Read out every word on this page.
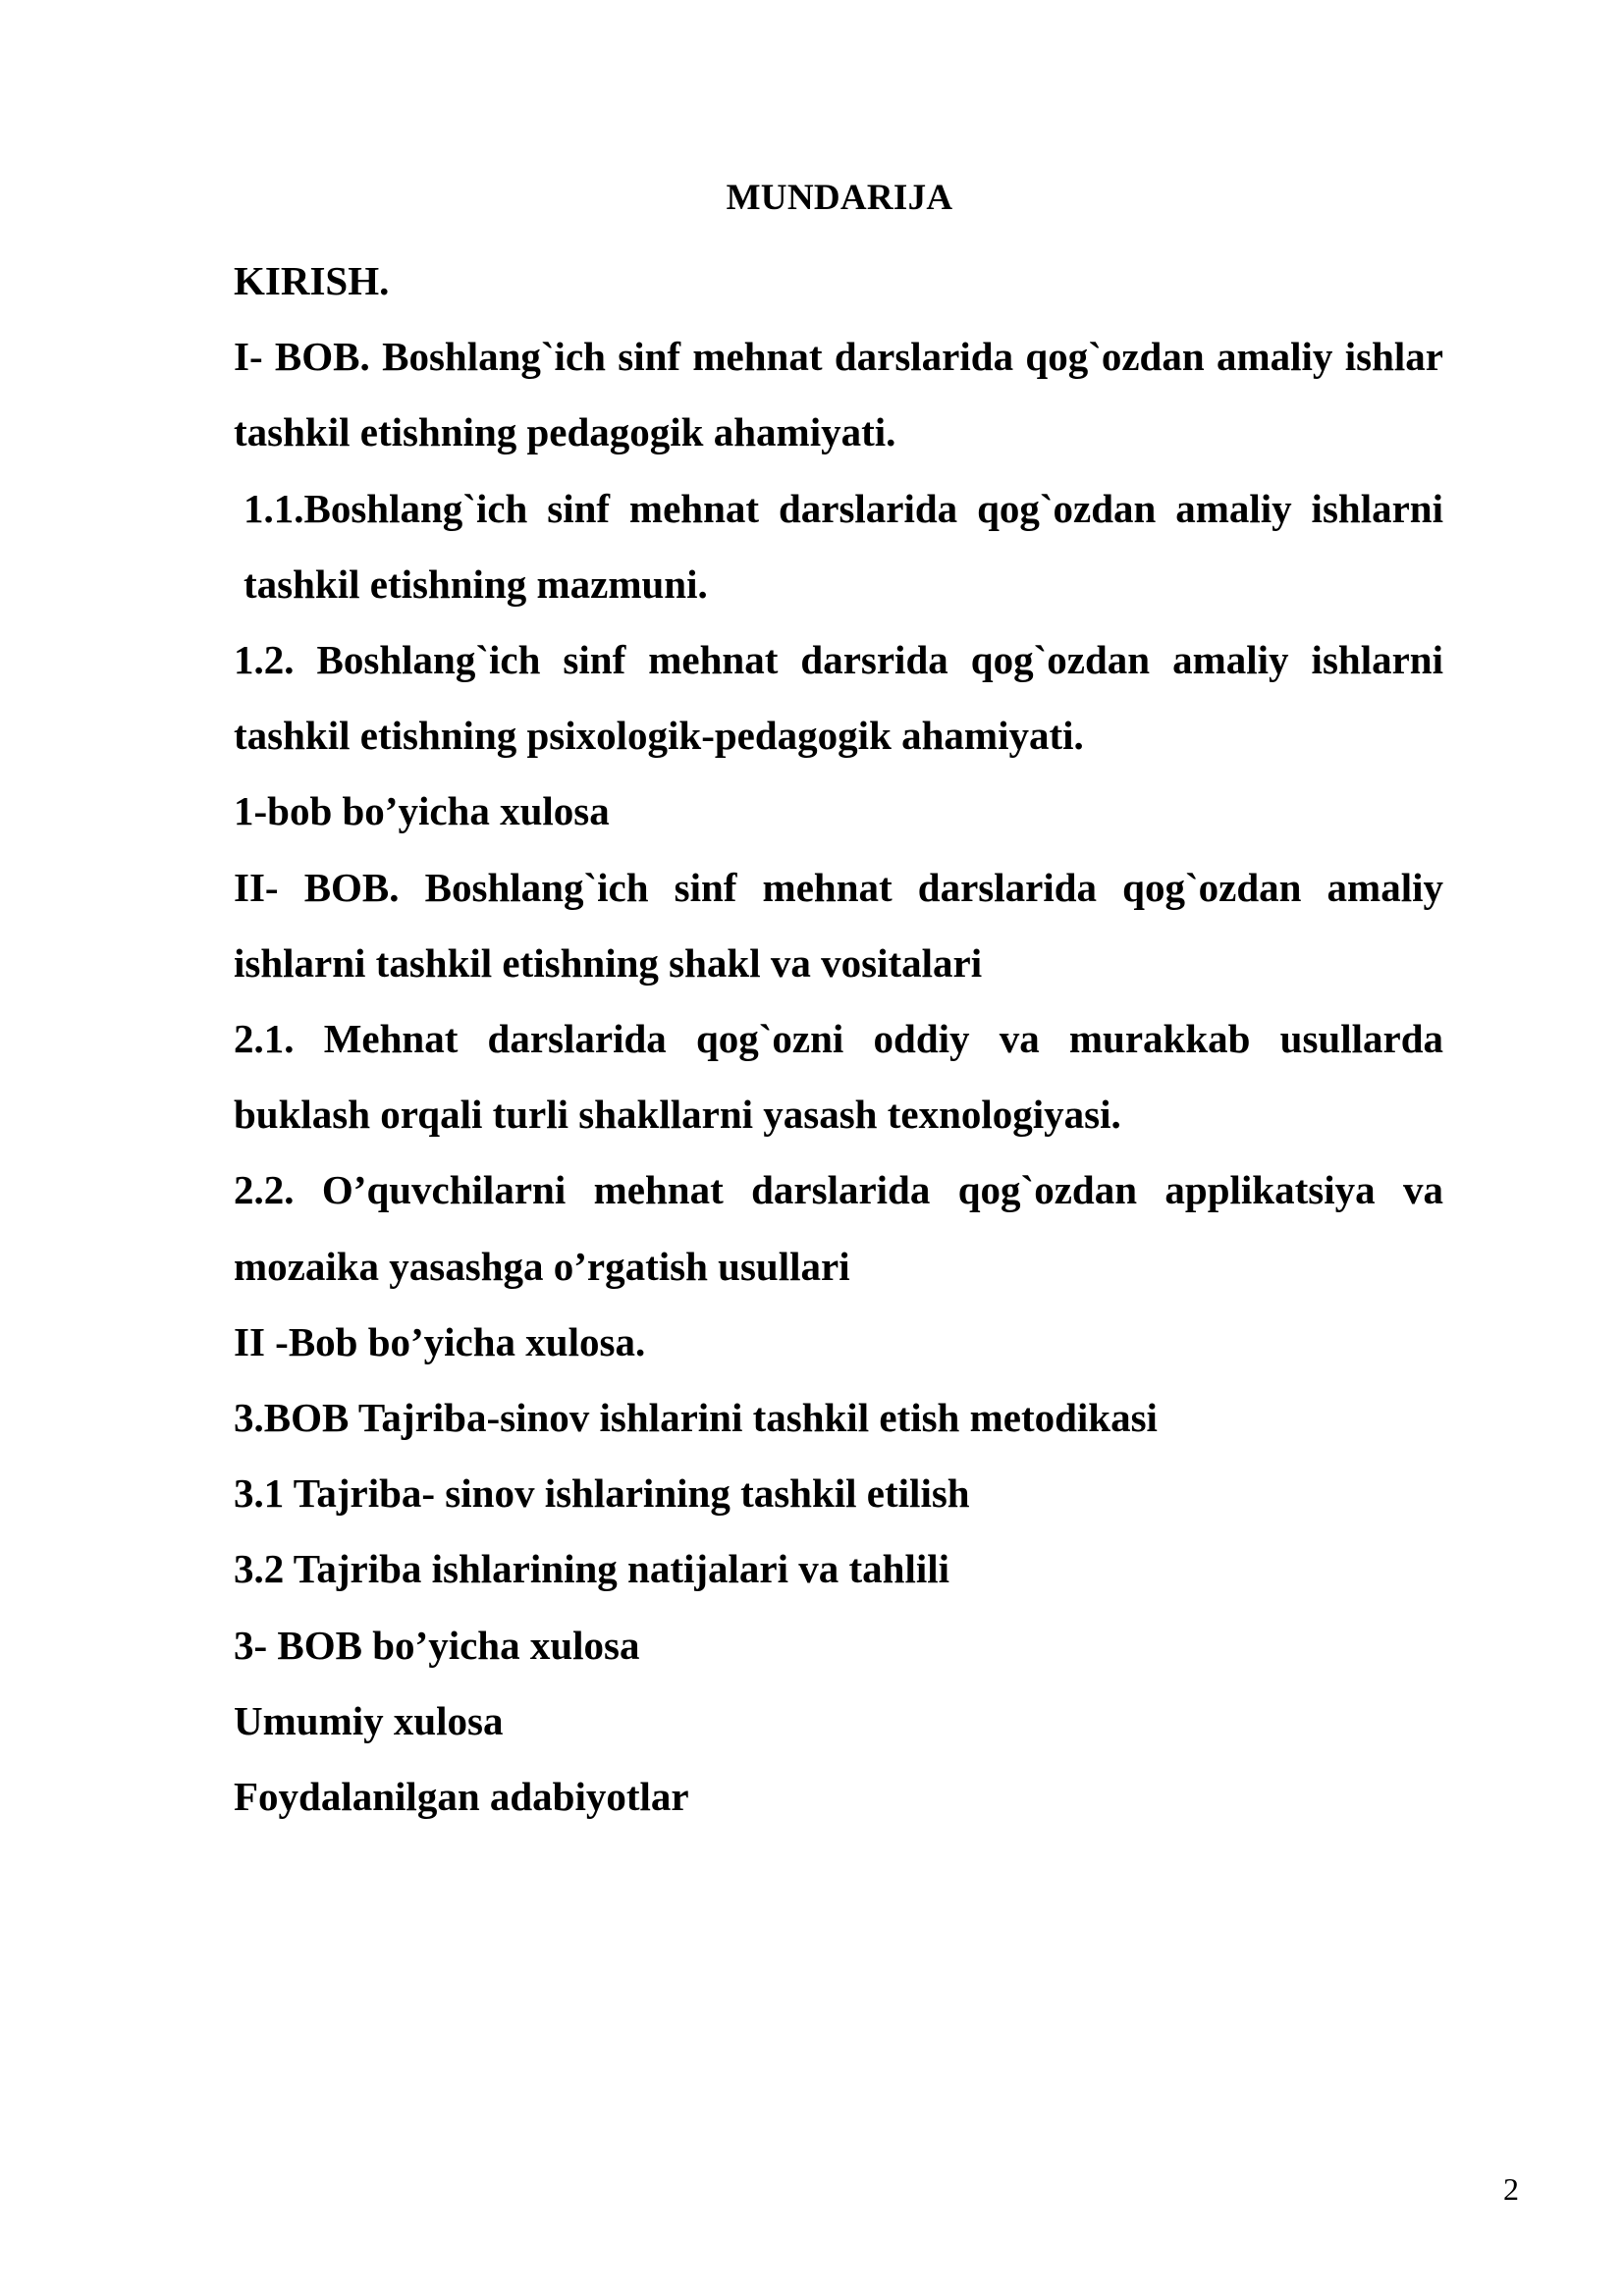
MUNDARIJA

KIRISH.

I- BOB. Boshlang`ich sinf mehnat darslarida qog`ozdan amaliy ishlar tashkil etishning pedagogik ahamiyati.

1.1.Boshlang`ich sinf mehnat darslarida qog`ozdan amaliy ishlarni tashkil etishning mazmuni.

1.2. Boshlang`ich sinf mehnat darsrida qog`ozdan amaliy ishlarni tashkil etishning psixologik-pedagogik ahamiyati.

1-bob bo’yicha xulosa

II- BOB. Boshlang`ich sinf mehnat darslarida qog`ozdan amaliy ishlarni tashkil etishning shakl va vositalari

2.1. Mehnat darslarida qog`ozni oddiy va murakkab usullarda buklash orqali turli shakllarni yasash texnologiyasi.

2.2. O’quvchilarni mehnat darslarida qog`ozdan applikatsiya va mozaika yasashga o’rgatish usullari

II -Bob bo’yicha xulosa.

3.BOB Tajriba-sinov ishlarini tashkil etish metodikasi

3.1 Tajriba- sinov ishlarining tashkil etilish

3.2 Tajriba ishlarining natijalari va tahlili

3- BOB bo’yicha xulosa

Umumiy xulosa

Foydalanilgan adabiyotlar

2
